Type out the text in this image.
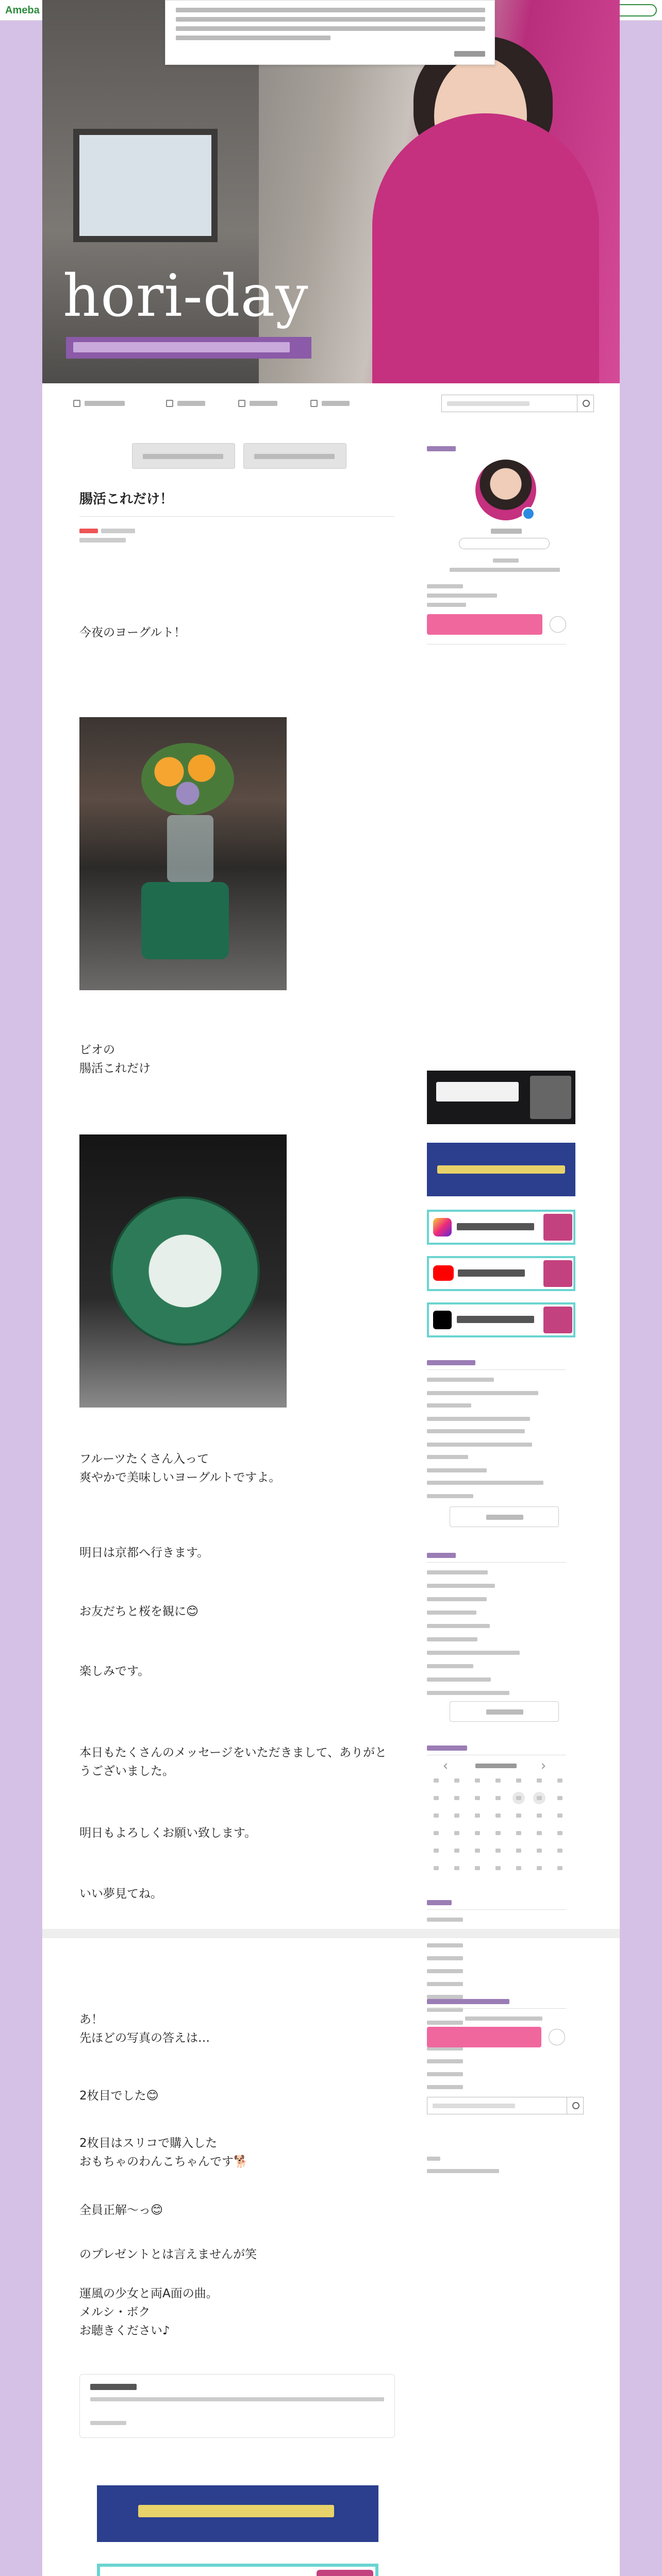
Ameba
hori-day
腸活これだけ！
今夜のヨーグルト！
ビオの
腸活これだけ
フルーツたくさん入って
爽やかで美味しいヨーグルトですよ。
明日は京都へ行きます。
お友だちと桜を観に😊
楽しみです。
本日もたくさんのメッセージをいただきまして、ありがとうございました。
明日もよろしくお願い致します。
いい夢見てね。
あ！
先ほどの写真の答えは…
2枚目でした😊
2枚目はスリコで購入した
おもちゃのわんこちゃんです🐕
全員正解〜っ😊
のプレゼントとは言えませんが笑
運風の少女と両A面の曲。
メルシ・ボク
お聴きください♪
